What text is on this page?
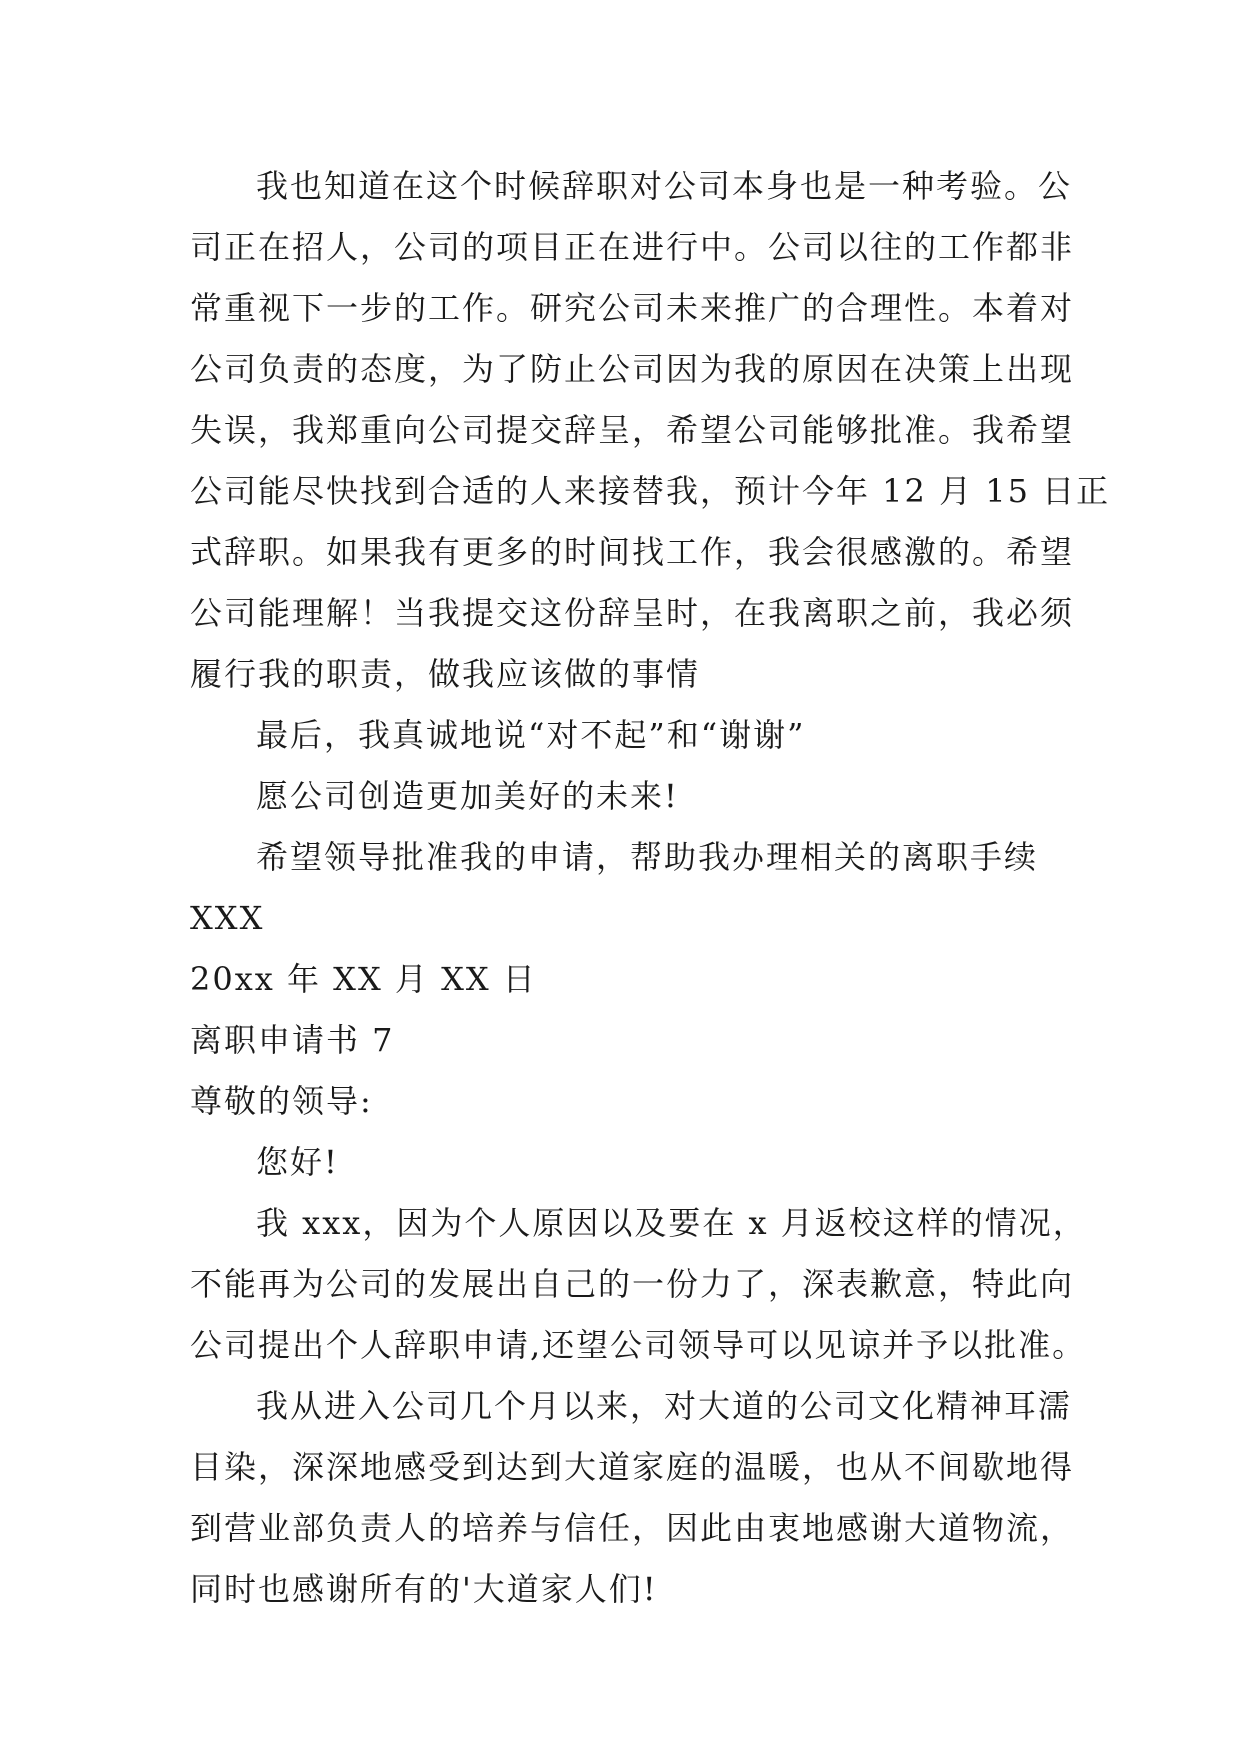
我也知道在这个时候辞职对公司本身也是一种考验。公
司正在招人，公司的项目正在进行中。公司以往的工作都非
常重视下一步的工作。研究公司未来推广的合理性。本着对
公司负责的态度，为了防止公司因为我的原因在决策上出现
失误，我郑重向公司提交辞呈，希望公司能够批准。我希望
公司能尽快找到合适的人来接替我，预计今年 12 月 15 日正
式辞职。如果我有更多的时间找工作，我会很感激的。希望
公司能理解！当我提交这份辞呈时，在我离职之前，我必须
履行我的职责，做我应该做的事情
最后，我真诚地说“对不起”和“谢谢”
愿公司创造更加美好的未来!
希望领导批准我的申请，帮助我办理相关的离职手续
XXX
20xx 年 XX 月 XX 日
离职申请书 7
尊敬的领导:
您好!
我 xxx，因为个人原因以及要在 x 月返校这样的情况，
不能再为公司的发展出自己的一份力了，深表歉意，特此向
公司提出个人辞职申请,还望公司领导可以见谅并予以批准。
我从进入公司几个月以来，对大道的公司文化精神耳濡
目染，深深地感受到达到大道家庭的温暖，也从不间歇地得
到营业部负责人的培养与信任，因此由衷地感谢大道物流，
同时也感谢所有的'大道家人们!
